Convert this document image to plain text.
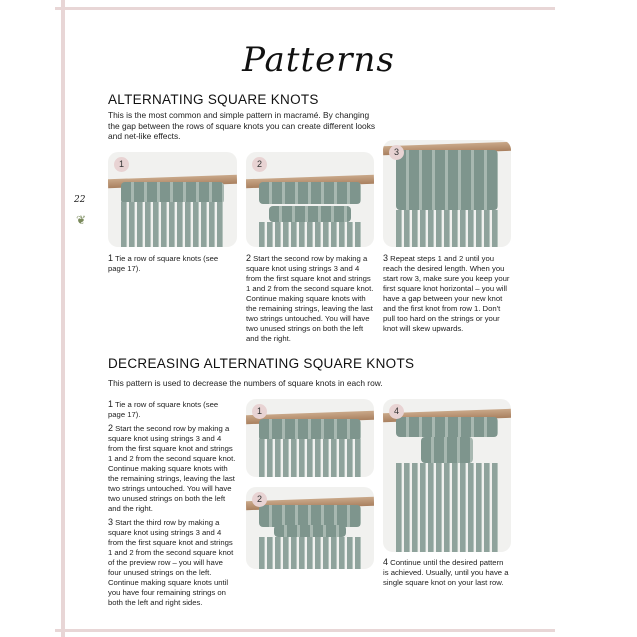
22
❦
Patterns
ALTERNATING SQUARE KNOTS
This is the most common and simple pattern in macramé. By changing the gap between the rows of square knots you can create different looks and net-like effects.
1	2
3
1 Tie a row of square knots (see page 17).
2 Start the second row by making a square knot using strings 3 and 4 from the first square knot and strings 1 and 2 from the second square knot. Continue making square knots with the remaining strings, leaving the last two strings untouched. You will have two unused strings on both the left and the right.
3 Repeat steps 1 and 2 until you reach the desired length. When you start row 3, make sure you keep your first square knot horizontal – you will have a gap between your new knot and the first knot from row 1. Don't pull too hard on the strings or your knot will skew upwards.
DECREASING ALTERNATING SQUARE KNOTS
This pattern is used to decrease the numbers of square knots in each row.
1 Tie a row of square knots (see page 17).
2 Start the second row by making a square knot using strings 3 and 4 from the first square knot and strings 1 and 2 from the second square knot. Continue making square knots with the remaining strings, leaving the last two strings untouched. You will have two unused strings on both the left and the right.
3 Start the third row by making a square knot using strings 3 and 4 from the first square knot and strings 1 and 2 from the second square knot of the preview row – you will have four unused strings on the left. Continue making square knots until you have four remaining strings on both the left and right sides.
1
2
4
4 Continue until the desired pattern is achieved. Usually, until you have a single square knot on your last row.
